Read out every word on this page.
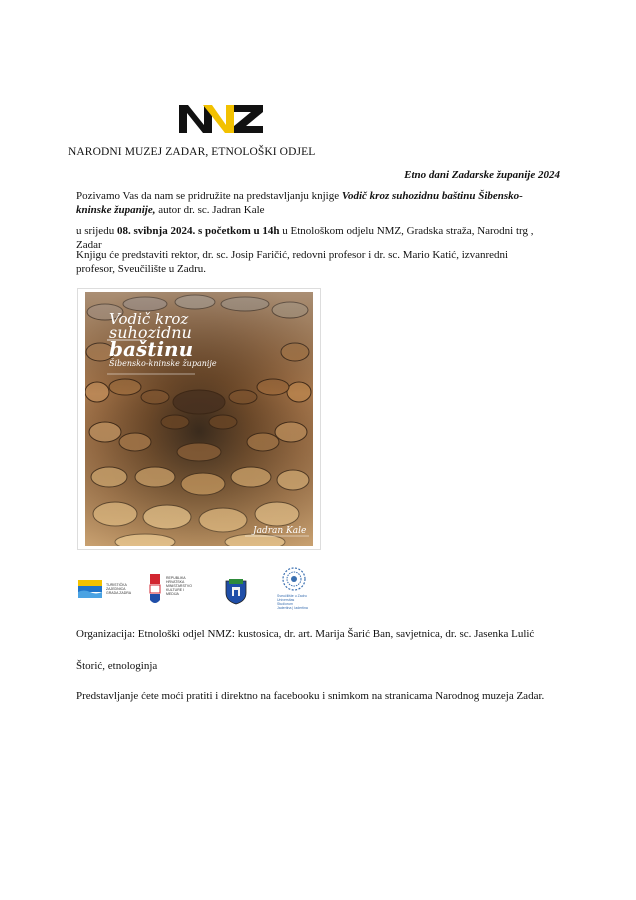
NARODNI MUZEJ ZADAR, ETNOLOŠKI ODJEL
Etno dani Zadarske županije 2024
Pozivamo Vas da nam se pridružite na predstavljanju knjige Vodič kroz suhozidnu baštinu Šibensko-kninske županije, autor dr. sc. Jadran Kale
u srijedu 08. svibnja 2024. s početkom u 14h u Etnološkom odjelu NMZ, Gradska straža, Narodni trg , Zadar
Knjigu će predstaviti rektor, dr. sc. Josip Faričić, redovni profesor i dr. sc. Mario Katić, izvanredni profesor, Sveučilište u Zadru.
Vodič kroz
suhozidnu
baštinu
Šibensko-kninske županije
Jadran Kale
TURISTIČKA
ZAJEDNICA
GRADA ZADRA
REPUBLIKA
HRVATSKA
MINISTARSTVO
KULTURE I
MEDIJA	Sveučilište u Zadru
Universitas Studiorum
Jadertina | Iadertina
Organizacija: Etnološki odjel NMZ: kustosica, dr. art. Marija Šarić Ban, savjetnica, dr. sc. Jasenka Lulić
Štorić, etnologinja
Predstavljanje ćete moći pratiti i direktno na facebooku i snimkom na stranicama Narodnog muzeja Zadar.
